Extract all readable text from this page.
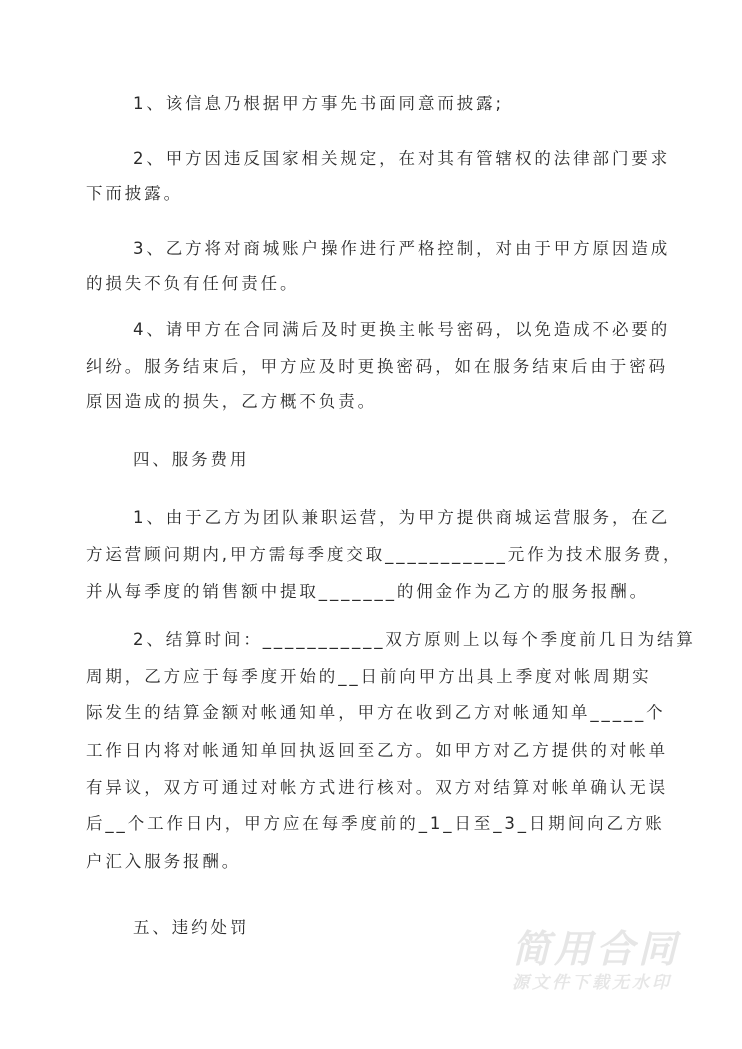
　　 1、该信息乃根据甲方事先书面同意而披露;
　　 2、甲方因违反国家相关规定，在对其有管辖权的法律部门要求
下而披露。
　　 3、乙方将对商城账户操作进行严格控制，对由于甲方原因造成
的损失不负有任何责任。
　　 4、请甲方在合同满后及时更换主帐号密码，以免造成不必要的
纠纷。服务结束后，甲方应及时更换密码，如在服务结束后由于密码
原因造成的损失，乙方概不负责。
　　 四、服务费用
　　 1、由于乙方为团队兼职运营，为甲方提供商城运营服务，在乙
方运营顾问期内,甲方需每季度交取___________元作为技术服务费，
并从每季度的销售额中提取_______的佣金作为乙方的服务报酬。
　　 2、结算时间：___________双方原则上以每个季度前几日为结算
周期，乙方应于每季度开始的__日前向甲方出具上季度对帐周期实
际发生的结算金额对帐通知单，甲方在收到乙方对帐通知单_____个
工作日内将对帐通知单回执返回至乙方。如甲方对乙方提供的对帐单
有异议，双方可通过对帐方式进行核对。双方对结算对帐单确认无误
后__个工作日内，甲方应在每季度前的_1_日至_3_日期间向乙方账
户汇入服务报酬。
　　 五、违约处罚	简用合同
源文件下载无水印
